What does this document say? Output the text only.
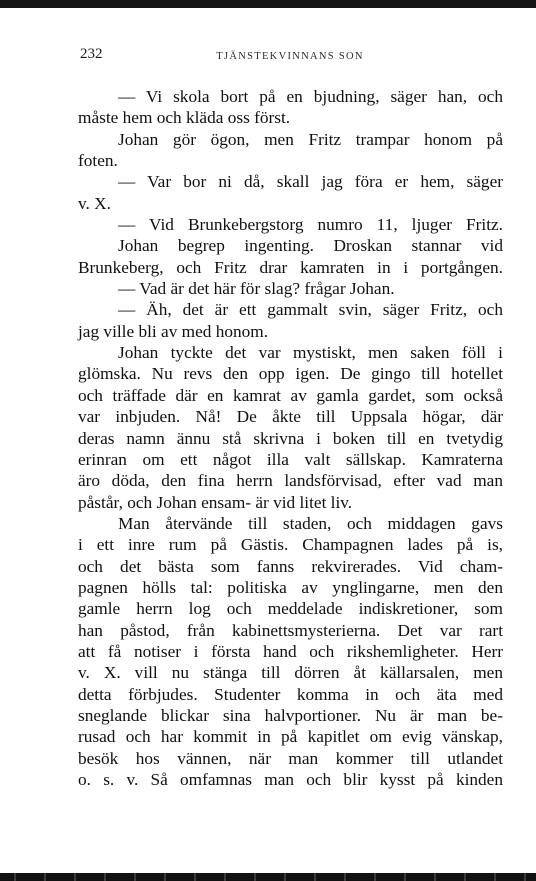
232	TJÄNSTEKVINNANS SON
— Vi skola bort på en bjudning, säger han, och
måste hem och kläda oss först.
Johan gör ögon, men Fritz trampar honom på
foten.
— Var bor ni då, skall jag föra er hem, säger
v. X.
— Vid Brunkebergstorg numro 11, ljuger Fritz.
Johan begrep ingenting. Droskan stannar vid
Brunkeberg, och Fritz drar kamraten in i portgången.
— Vad är det här för slag? frågar Johan.
— Äh, det är ett gammalt svin, säger Fritz, och
jag ville bli av med honom.
Johan tyckte det var mystiskt, men saken föll i
glömska. Nu revs den opp igen. De gingo till hotellet
och träffade där en kamrat av gamla gardet, som också
var inbjuden. Nå! De åkte till Uppsala högar, där
deras namn ännu stå skrivna i boken till en tvetydig
erinran om ett något illa valt sällskap. Kamraterna
äro döda, den fina herrn landsförvisad, efter vad man
påstår, och Johan ensam- är vid litet liv.
Man återvände till staden, och middagen gavs
i ett inre rum på Gästis. Champagnen lades på is,
och det bästa som fanns rekvirerades. Vid cham-
pagnen hölls tal: politiska av ynglingarne, men den
gamle herrn log och meddelade indiskretioner, som
han påstod, från kabinettsmysterierna. Det var rart
att få notiser i första hand och rikshemligheter. Herr
v. X. vill nu stänga till dörren åt källarsalen, men
detta förbjudes. Studenter komma in och äta med
sneglande blickar sina halvportioner. Nu är man be-
rusad och har kommit in på kapitlet om evig vänskap,
besök hos vännen, när man kommer till utlandet
o. s. v. Så omfamnas man och blir kysst på kinden
